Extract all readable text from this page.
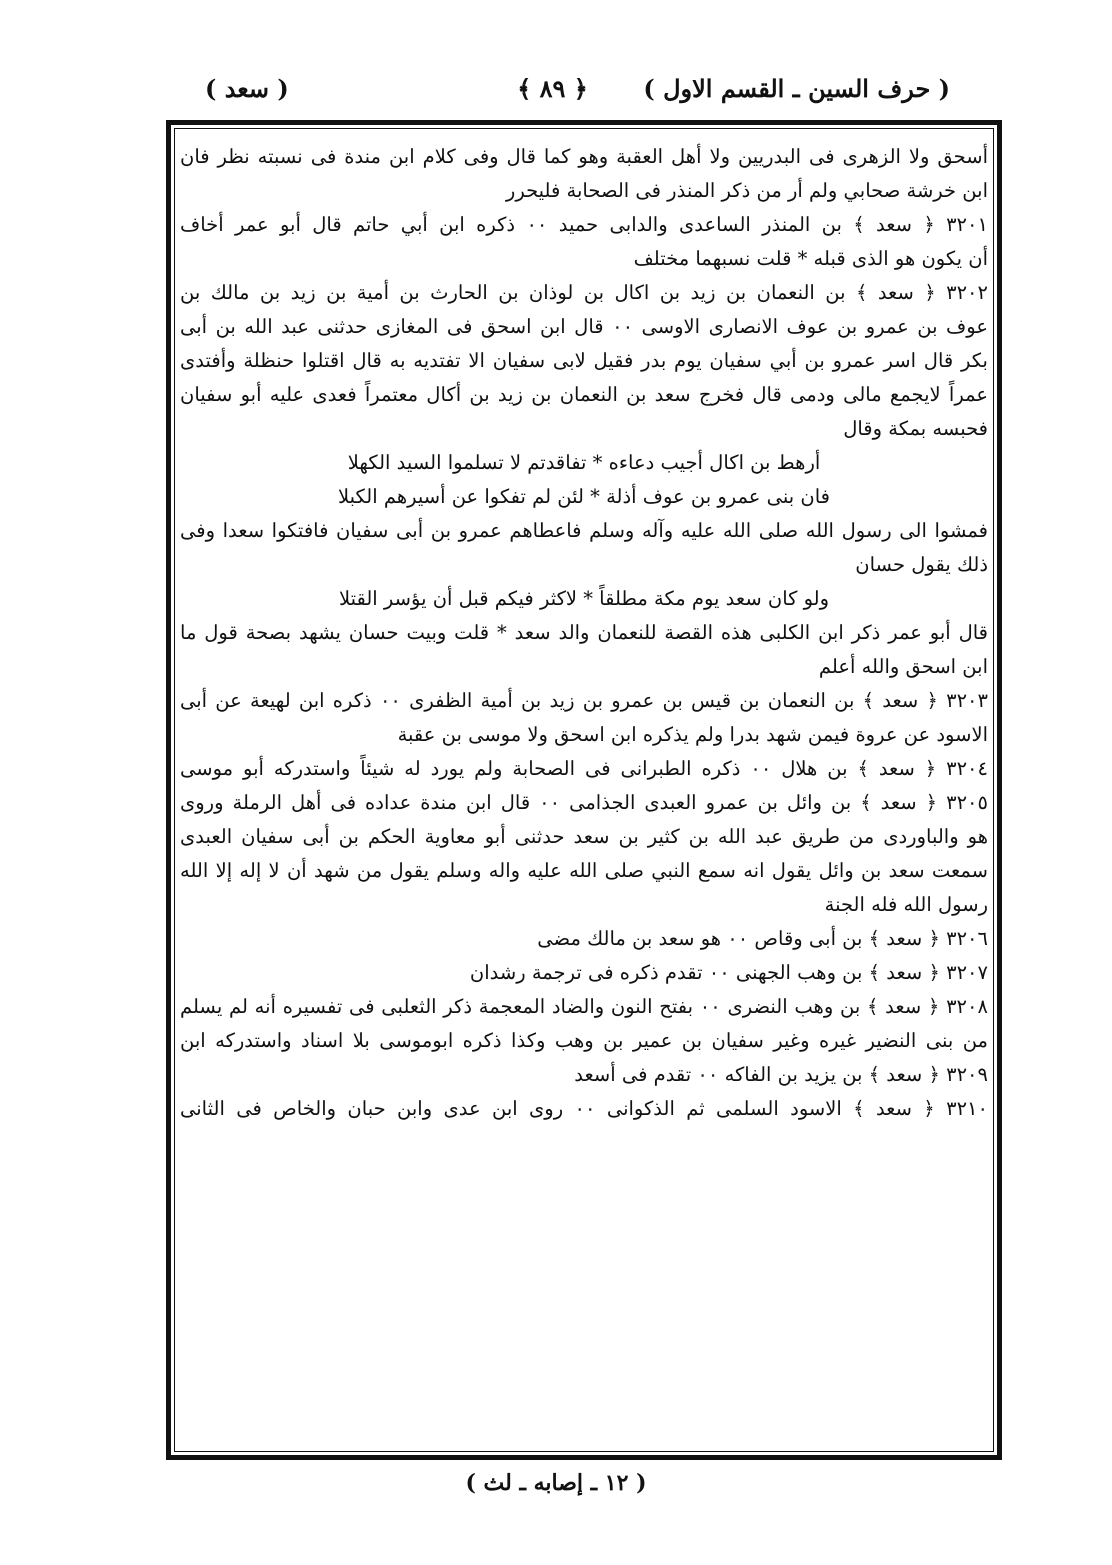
( حرف السين ـ القسم الاول )
﴿ ٨٩ ﴾
( سعد )
أسحق ولا الزهرى فى البدريين ولا أهل العقبة وهو كما قال وفى كلام ابن مندة فى نسبته نظر فان
ابن خرشة صحابي ولم أر من ذكر المنذر فى الصحابة فليحرر
٣٢٠١ ﴿ سعد ﴾ بن المنذر الساعدى والدابى حميد ٠٠ ذكره ابن أبي حاتم قال أبو عمر أخاف
أن يكون هو الذى قبله * قلت نسبهما مختلف
٣٢٠٢ ﴿ سعد ﴾ بن النعمان بن زيد بن اكال بن لوذان بن الحارث بن أمية بن زيد بن مالك بن
عوف بن عمرو بن عوف الانصارى الاوسى ٠٠ قال ابن اسحق فى المغازى حدثنى عبد الله بن أبى
بكر قال اسر عمرو بن أبي سفيان يوم بدر فقيل لابى سفيان الا تفتديه به قال اقتلوا حنظلة وأفتدى
عمراً لايجمع مالى ودمى قال فخرج سعد بن النعمان بن زيد بن أكال معتمراً فعدى عليه أبو سفيان
فحبسه بمكة وقال
أرهط بن اكال أجيب دعاءه * تفاقدتم لا تسلموا السيد الكهلا
فان بنى عمرو بن عوف أذلة * لئن لم تفكوا عن أسيرهم الكبلا
فمشوا الى رسول الله صلى الله عليه وآله وسلم فاعطاهم عمرو بن أبى سفيان فافتكوا سعدا وفى
ذلك يقول حسان
ولو كان سعد يوم مكة مطلقاً * لاكثر فيكم قبل أن يؤسر القتلا
قال أبو عمر ذكر ابن الكلبى هذه القصة للنعمان والد سعد * قلت وبيت حسان يشهد بصحة قول ما
ابن اسحق والله أعلم
٣٢٠٣ ﴿ سعد ﴾ بن النعمان بن قيس بن عمرو بن زيد بن أمية الظفرى ٠٠ ذكره ابن لهيعة عن أبى
الاسود عن عروة فيمن شهد بدرا ولم يذكره ابن اسحق ولا موسى بن عقبة
٣٢٠٤ ﴿ سعد ﴾ بن هلال ٠٠ ذكره الطبرانى فى الصحابة ولم يورد له شيئاً واستدركه أبو موسى
٣٢٠٥ ﴿ سعد ﴾ بن وائل بن عمرو العبدى الجذامى ٠٠ قال ابن مندة عداده فى أهل الرملة وروى
هو والباوردى من طريق عبد الله بن كثير بن سعد حدثنى أبو معاوية الحكم بن أبى سفيان العبدى
سمعت سعد بن وائل يقول انه سمع النبي صلى الله عليه واله وسلم يقول من شهد أن لا إله إلا الله
رسول الله فله الجنة
٣٢٠٦ ﴿ سعد ﴾ بن أبى وقاص ٠٠ هو سعد بن مالك مضى
٣٢٠٧ ﴿ سعد ﴾ بن وهب الجهنى ٠٠ تقدم ذكره فى ترجمة رشدان
٣٢٠٨ ﴿ سعد ﴾ بن وهب النضرى ٠٠ بفتح النون والضاد المعجمة ذكر الثعلبى فى تفسيره أنه لم يسلم
من بنى النضير غيره وغير سفيان بن عمير بن وهب وكذا ذكره ابوموسى بلا اسناد واستدركه ابن
٣٢٠٩ ﴿ سعد ﴾ بن يزيد بن الفاكه ٠٠ تقدم فى أسعد
٣٢١٠ ﴿ سعد ﴾ الاسود السلمى ثم الذكوانى ٠٠ روى ابن عدى وابن حبان والخاص فى الثانى
( ١٢ ـ إصابه ـ لث )
